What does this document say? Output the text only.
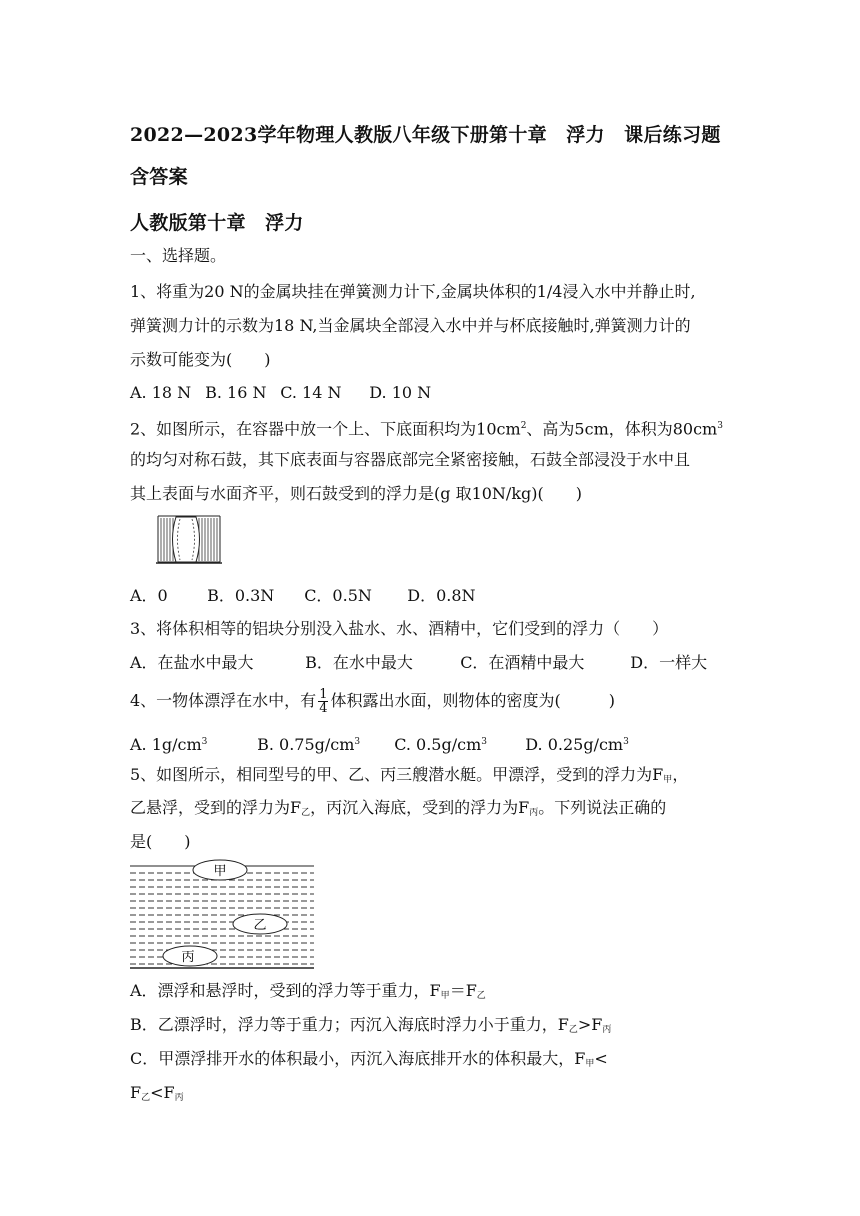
2022—2023学年物理人教版八年级下册第十章　浮力　课后练习题
含答案
人教版第十章　浮力
一、选择题。
1、将重为20 N的金属块挂在弹簧测力计下,金属块体积的1/4浸入水中并静止时,
弹簧测力计的示数为18 N,当金属块全部浸入水中并与杯底接触时,弹簧测力计的
示数可能变为(　　)
A. 18 N B. 16 N C. 14 N D. 10 N
2、如图所示，在容器中放一个上、下底面积均为$10cm^2$、高为5cm，体积为$80cm^3$
的均匀对称石鼓，其下底表面与容器底部完全紧密接触，石鼓全部浸没于水中且
其上表面与水面齐平，则石鼓受到的浮力是(g 取10N/kg)(　　)
A．0 B．0.3N C．0.5N D．0.8N
3、将体积相等的铝块分别没入盐水、水、酒精中，它们受到的浮力（　　）
A．在盐水中最大	B．在水中最大	C．在酒精中最大	D．一样大
4、一物体漂浮在水中，有 $\frac{1}{4}$ 体积露出水面，则物体的密度为(　　　)
A. $1g/cm^3$	B. $0.75g/cm^3$ C. $0.5g/cm^3$ D. $0.25g/cm^3$
5、如图所示，相同型号的甲、乙、丙三艘潜水艇。甲漂浮，受到的浮力为$F_甲$，
乙悬浮，受到的浮力为$F_乙$，丙沉入海底，受到的浮力为$F_丙$。下列说法正确的
是(　　)
甲
乙
丙
A．漂浮和悬浮时，受到的浮力等于重力，$F_甲=F_乙$
B．乙漂浮时，浮力等于重力；丙沉入海底时浮力小于重力，$F_乙>F_丙$
C．甲漂浮排开水的体积最小，丙沉入海底排开水的体积最大，$F_甲<$
$F_乙<F_丙$
